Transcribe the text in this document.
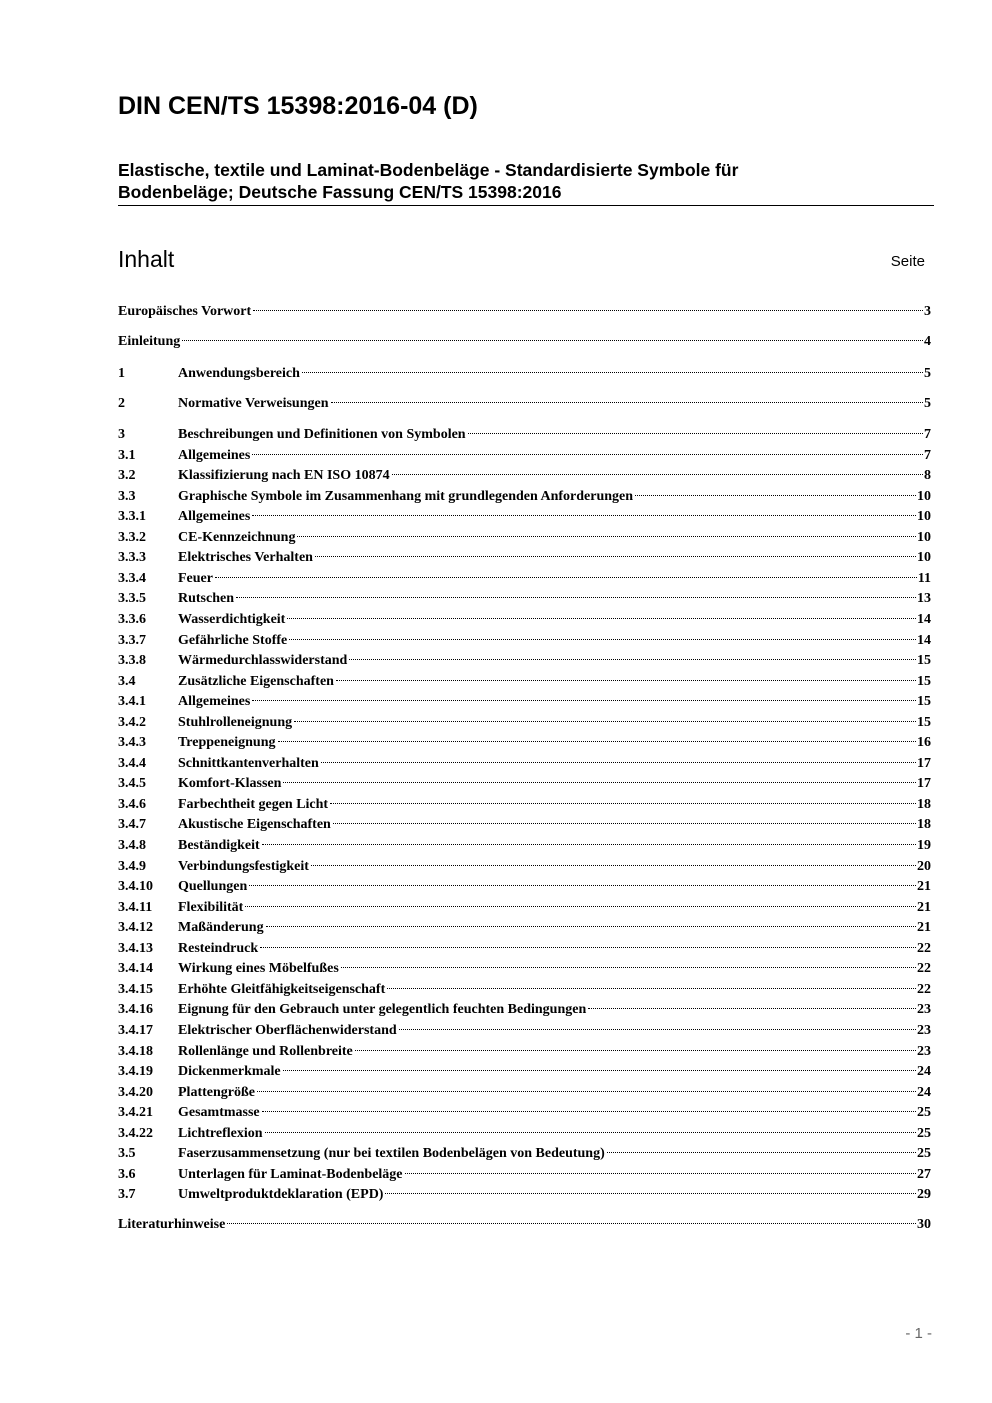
DIN CEN/TS 15398:2016-04 (D)
Elastische, textile und Laminat-Bodenbeläge - Standardisierte Symbole für
Bodenbeläge; Deutsche Fassung CEN/TS 15398:2016
Inhalt	Seite
Europäisches Vorwort	3
Einleitung	4
1	Anwendungsbereich	5
2	Normative Verweisungen	5
3	Beschreibungen und Definitionen von Symbolen	7
3.1	Allgemeines	7
3.2	Klassifizierung nach EN ISO 10874	8
3.3	Graphische Symbole im Zusammenhang mit grundlegenden Anforderungen	10
3.3.1 Allgemeines	10
3.3.2 CE-Kennzeichnung	10
3.3.3 Elektrisches Verhalten	10
3.3.4 Feuer	11
3.3.5 Rutschen	13
3.3.6 Wasserdichtigkeit	14
3.3.7 Gefährliche Stoffe	14
3.3.8 Wärmedurchlasswiderstand	15
3.4	Zusätzliche Eigenschaften	15
3.4.1 Allgemeines	15
3.4.2 Stuhlrolleneignung	15
3.4.3 Treppeneignung	16
3.4.4 Schnittkantenverhalten	17
3.4.5 Komfort-Klassen	17
3.4.6 Farbechtheit gegen Licht	18
3.4.7 Akustische Eigenschaften	18
3.4.8 Beständigkeit	19
3.4.9 Verbindungsfestigkeit	20
3.4.10 Quellungen	21
3.4.11 Flexibilität	21
3.4.12 Maßänderung	21
3.4.13 Resteindruck	22
3.4.14 Wirkung eines Möbelfußes	22
3.4.15 Erhöhte Gleitfähigkeitseigenschaft	22
3.4.16 Eignung für den Gebrauch unter gelegentlich feuchten Bedingungen	23
3.4.17 Elektrischer Oberflächenwiderstand	23
3.4.18 Rollenlänge und Rollenbreite	23
3.4.19 Dickenmerkmale	24
3.4.20 Plattengröße	24
3.4.21 Gesamtmasse	25
3.4.22 Lichtreflexion	25
3.5	Faserzusammensetzung (nur bei textilen Bodenbelägen von Bedeutung)	25
3.6	Unterlagen für Laminat-Bodenbeläge	27
3.7	Umweltproduktdeklaration (EPD)	29
Literaturhinweise	30
- 1 -
